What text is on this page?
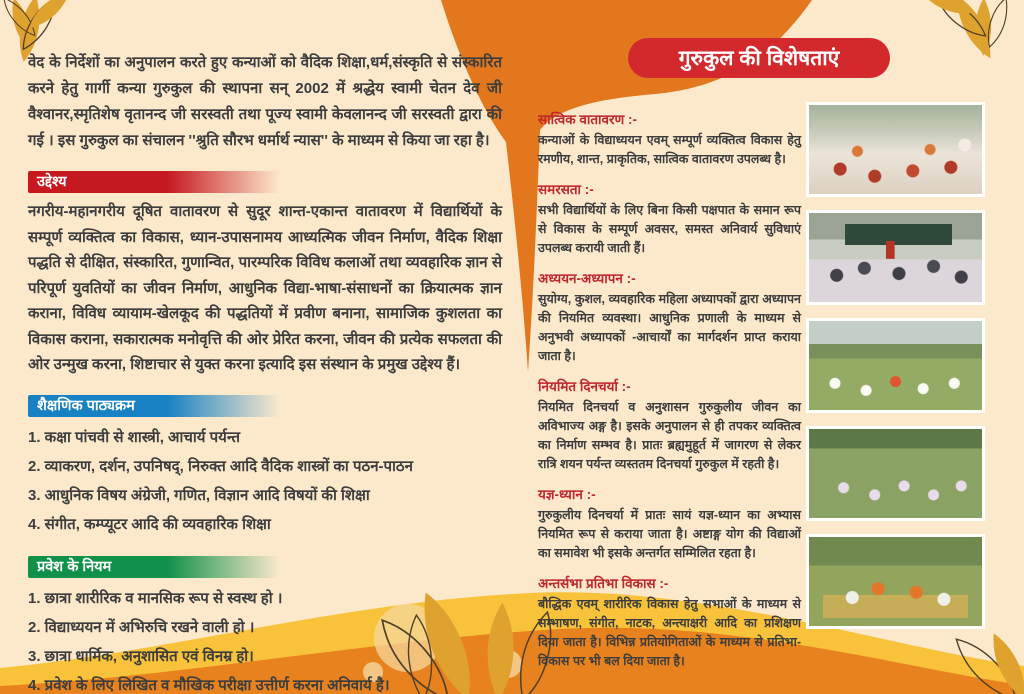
गुरुकुल की विशेषताएं

वेद के निर्देशों का अनुपालन करते हुए कन्याओं को वैदिक शिक्षा,धर्म,संस्कृति से संस्कारित करने हेतु गार्गी कन्या गुरुकुल की स्थापना सन् 2002 में श्रद्धेय स्वामी चेतन देव जी वैश्वानर,स्मृतिशेष वृतानन्द जी सरस्वती तथा पूज्य स्वामी केवलानन्द जी सरस्वती द्वारा की गई । इस गुरुकुल का संचालन ''श्रुति सौरभ धर्मार्थ न्यास'' के माध्यम से किया जा रहा है।

उद्देश्य

नगरीय-महानगरीय दूषित वातावरण से सुदूर शान्त-एकान्त वातावरण में विद्यार्थियों के सम्पूर्ण व्यक्तित्व का विकास, ध्यान-उपासनामय आध्यत्मिक जीवन निर्माण, वैदिक शिक्षा पद्धति से दीक्षित, संस्कारित, गुणान्वित, पारम्परिक विविध कलाओं तथा व्यवहारिक ज्ञान से परिपूर्ण युवतियों का जीवन निर्माण, आधुनिक विद्या-भाषा-संसाधनों का क्रियात्मक ज्ञान कराना, विविध व्यायाम-खेलकूद की पद्धतियों में प्रवीण बनाना, सामाजिक कुशलता का विकास कराना, सकारात्मक मनोवृत्ति की ओर प्रेरित करना, जीवन की प्रत्येक सफलता की ओर उन्मुख करना, शिष्टाचार से युक्त करना इत्यादि इस संस्थान के प्रमुख उद्देश्य हैं।

शैक्षणिक पाठ्यक्रम
1. कक्षा पांचवी से शास्त्री, आचार्य पर्यन्त
2. व्याकरण, दर्शन, उपनिषद्, निरुक्त आदि वैदिक शास्त्रों का पठन-पाठन
3. आधुनिक विषय अंग्रेजी, गणित, विज्ञान आदि विषयों की शिक्षा
4. संगीत, कम्प्यूटर आदि की व्यवहारिक शिक्षा
प्रवेश के नियम
1. छात्रा शारीरिक व मानसिक रूप से स्वस्थ हो ।
2. विद्याध्ययन में अभिरुचि रखने वाली हो ।
3. छात्रा धार्मिक, अनुशासित एवं विनम्र हो।
4. प्रवेश के लिए लिखित व मौखिक परीक्षा उत्तीर्ण करना अनिवार्य है।
सात्विक वातावरण :-

कन्याओं के विद्याध्ययन एवम् सम्पूर्ण व्यक्तित्व विकास हेतु रमणीय, शान्त, प्राकृतिक, सात्विक वातावरण उपलब्ध है।

समरसता :-

सभी विद्यार्थियों के लिए बिना किसी पक्षपात के समान रूप से विकास के सम्पूर्ण अवसर, समस्त अनिवार्य सुविधाएं उपलब्ध करायी जाती हैं।

अध्ययन-अध्यापन :-

सुयोग्य, कुशल, व्यवहारिक महिला अध्यापकों द्वारा अध्यापन की नियमित व्यवस्था। आधुनिक प्रणाली के माध्यम से अनुभवी अध्यापकों -आचार्यों का मार्गदर्शन प्राप्त कराया जाता है।

नियमित दिनचर्या :-

नियमित दिनचर्या व अनुशासन गुरुकुलीय जीवन का अविभाज्य अङ्ग है। इसके अनुपालन से ही तपकर व्यक्तित्व का निर्माण सम्भव है। प्रातः ब्रह्यमुहूर्त में जागरण से लेकर रात्रि शयन पर्यन्त व्यस्ततम दिनचर्या गुरुकुल में रहती है।

यज्ञ-ध्यान :-

गुरुकुलीय दिनचर्या में प्रातः सायं यज्ञ-ध्यान का अभ्यास नियमित रूप से कराया जाता है। अष्टाङ्ग योग की विद्याओं का समावेश भी इसके अन्तर्गत सम्मिलित रहता है।

अन्तर्सभा प्रतिभा विकास :-

बौद्धिक एवम् शारीरिक विकास हेतु सभाओं के माध्यम से सम्भाषण, संगीत, नाटक, अन्त्याक्षरी आदि का प्रशिक्षण दिया जाता है। विभिन्न प्रतियोगिताओं के माध्यम से प्रतिभा-विकास पर भी बल दिया जाता है।
